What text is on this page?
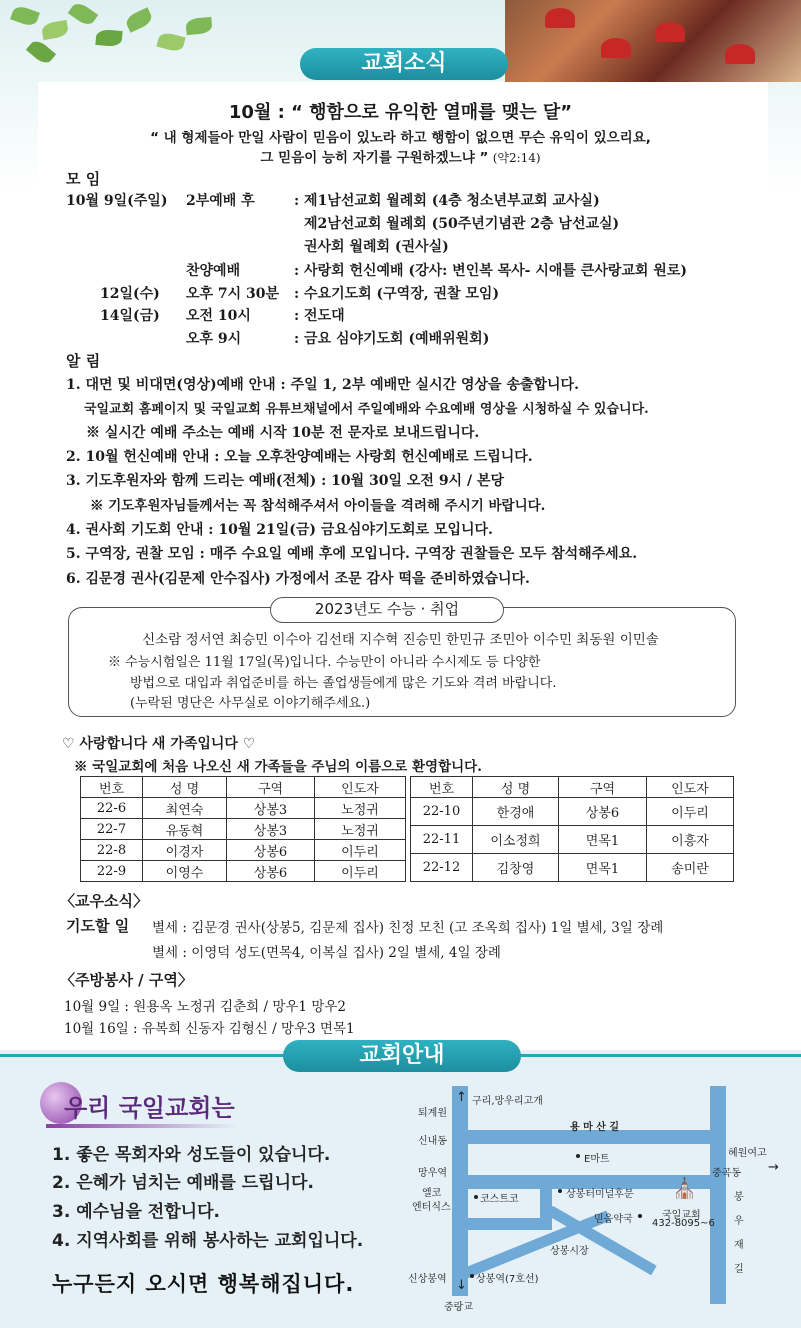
교회소식
10월 : “ 행함으로 유익한 열매를 맺는 달”
“ 내 형제들아 만일 사람이 믿음이 있노라 하고 행함이 없으면 무슨 유익이 있으리요,
그 믿음이 능히 자기를 구원하겠느냐 ” (약2:14)
모 임
10월 9일(주일) 2부예배 후	: 제1남선교회 월례회 (4층 청소년부교회 교사실)
제2남선교회 월례회 (50주년기념관 2층 남선교실)
권사회 월례회 (권사실)
찬양예배	: 사랑회 헌신예배 (강사: 변인복 목사- 시애틀 큰사랑교회 원로)
12일(수) 오후 7시 30분 : 수요기도회 (구역장, 권찰 모임)
14일(금) 오전 10시	: 전도대
오후 9시	: 금요 심야기도회 (예배위원회)
알 림
1. 대면 및 비대면(영상)예배 안내 : 주일 1, 2부 예배만 실시간 영상을 송출합니다.
국일교회 홈페이지 및 국일교회 유튜브채널에서 주일예배와 수요예배 영상을 시청하실 수 있습니다.
※ 실시간 예배 주소는 예배 시작 10분 전 문자로 보내드립니다.
2. 10월 헌신예배 안내 : 오늘 오후찬양예배는 사랑회 헌신예배로 드립니다.
3. 기도후원자와 함께 드리는 예배(전체) : 10월 30일 오전 9시 / 본당
※ 기도후원자님들께서는 꼭 참석해주셔서 아이들을 격려해 주시기 바랍니다.
4. 권사회 기도회 안내 : 10월 21일(금) 금요심야기도회로 모입니다.
5. 구역장, 권찰 모임 : 매주 수요일 예배 후에 모입니다. 구역장 권찰들은 모두 참석해주세요.
6. 김문경 권사(김문제 안수집사) 가정에서 조문 감사 떡을 준비하였습니다.
2023년도 수능 · 취업
신소람 정서연 최승민 이수아 김선태 지수혁 진승민 한민규 조민아 이수민 최동원 이민솔
※ 수능시험일은 11월 17일(목)입니다. 수능만이 아니라 수시제도 등 다양한
방법으로 대입과 취업준비를 하는 졸업생들에게 많은 기도와 격려 바랍니다.
(누락된 명단은 사무실로 이야기해주세요.)
♡ 사랑합니다 새 가족입니다 ♡
※ 국일교회에 처음 나오신 새 가족들을 주님의 이름으로 환영합니다.
번호	성 명	구역	인도자
22-6	최연숙	상봉3	노정귀
22-7	유동혁	상봉3	노정귀
22-8	이경자	상봉6	이두리
22-9	이영수	상봉6	이두리
번호	성 명	구역	인도자
22-10	한경애	상봉6	이두리
22-11	이소정희	면목1	이흥자
22-12	김창영	면목1	송미란
〈교우소식〉
기도할 일 별세 : 김문경 권사(상봉5, 김문제 집사) 친정 모친 (고 조옥희 집사) 1일 별세, 3일 장례
별세 : 이영덕 성도(면목4, 이복실 집사) 2일 별세, 4일 장례
〈주방봉사 / 구역〉
10월 9일 : 원용옥 노정귀 김춘희 / 망우1 망우2
10월 16일 : 유복희 신동자 김형신 / 망우3 면목1
교회안내
우리 국일교회는
1. 좋은 목회자와 성도들이 있습니다.
2. 은혜가 넘치는 예배를 드립니다.
3. 예수님을 전합니다.
4. 지역사회를 위해 봉사하는 교회입니다.
누구든지 오시면 행복해집니다.
↑
↓
→
퇴계원
구리,망우리고개
용 마 산 길
신내동
E마트
혜원여고
망우역	중곡동
엘코
엔터식스
코스트코	상봉터미널후문 ⛪
국일교회
432-8095~6
믿음약국
상봉시장
봉
우
재
길
신상봉역	상봉역(7호선)
중랑교
